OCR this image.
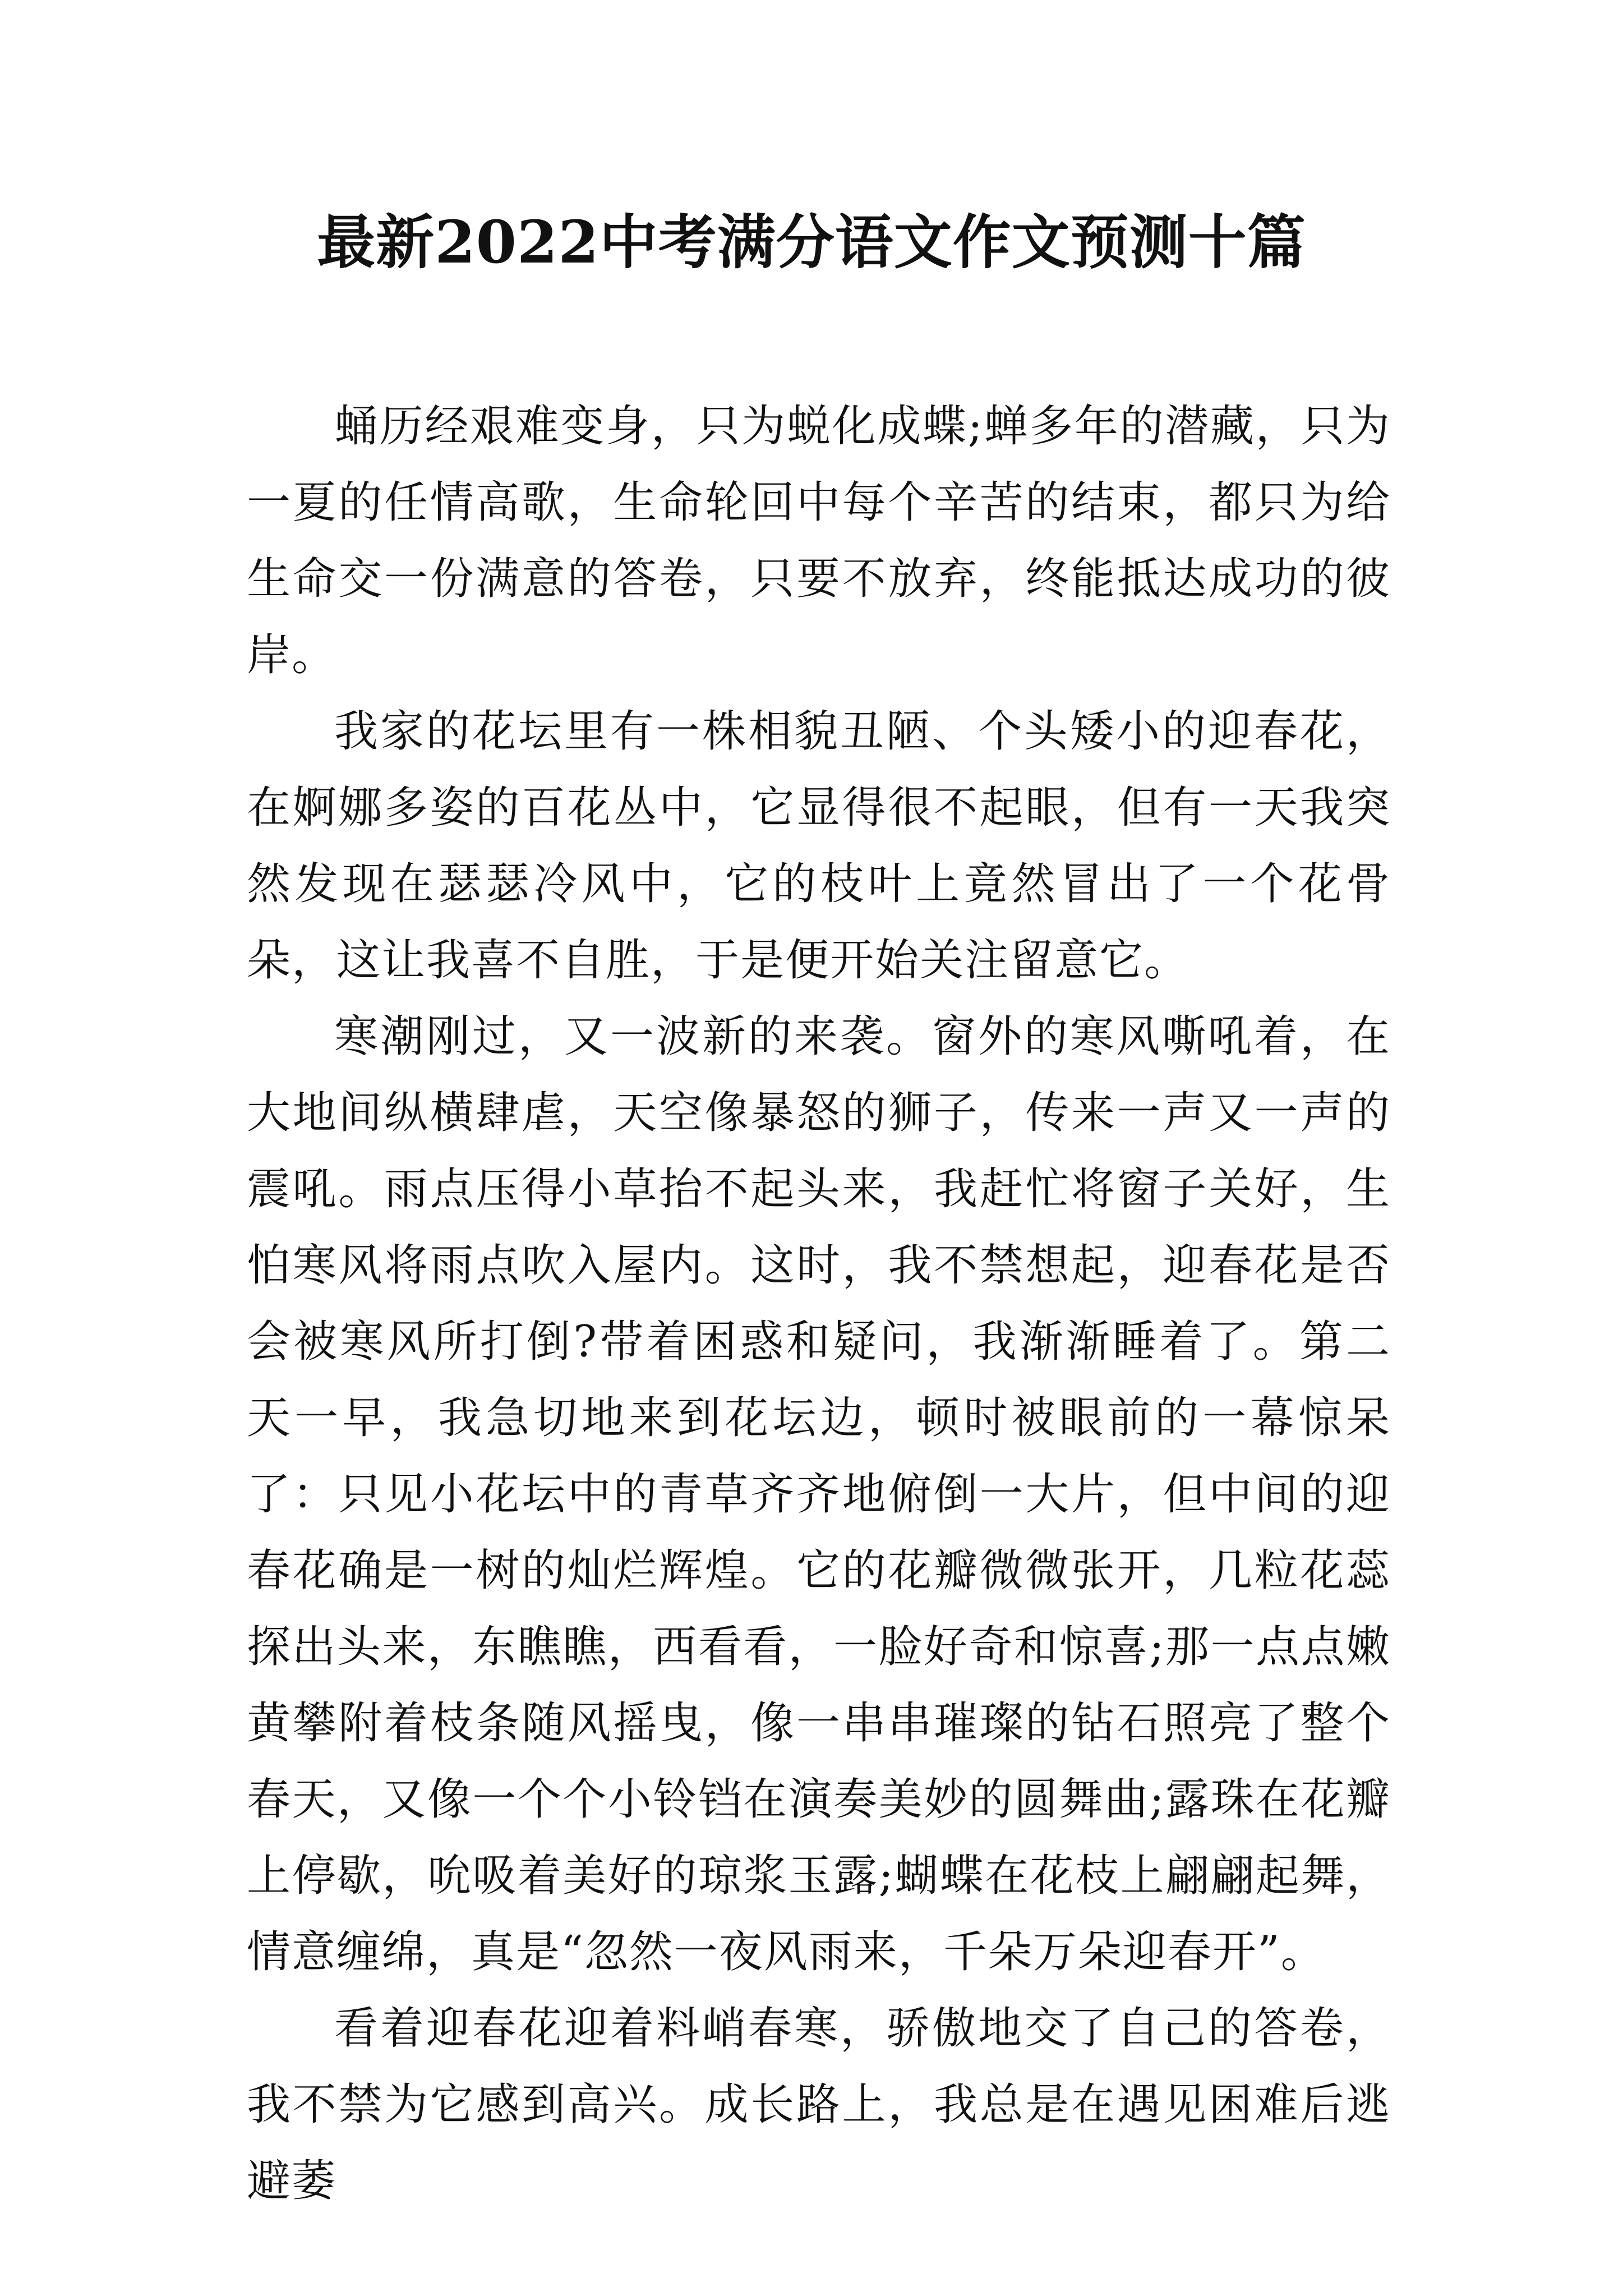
最新2022中考满分语文作文预测十篇

蛹历经艰难变身，只为蜕化成蝶;蝉多年的潜藏，只为一夏的任情高歌，生命轮回中每个辛苦的结束，都只为给生命交一份满意的答卷，只要不放弃，终能抵达成功的彼岸。

我家的花坛里有一株相貌丑陋、个头矮小的迎春花，在婀娜多姿的百花丛中，它显得很不起眼，但有一天我突然发现在瑟瑟冷风中，它的枝叶上竟然冒出了一个花骨朵，这让我喜不自胜，于是便开始关注留意它。

寒潮刚过，又一波新的来袭。窗外的寒风嘶吼着，在大地间纵横肆虐，天空像暴怒的狮子，传来一声又一声的震吼。雨点压得小草抬不起头来，我赶忙将窗子关好，生怕寒风将雨点吹入屋内。这时，我不禁想起，迎春花是否会被寒风所打倒?带着困惑和疑问，我渐渐睡着了。第二天一早，我急切地来到花坛边，顿时被眼前的一幕惊呆了：只见小花坛中的青草齐齐地俯倒一大片，但中间的迎春花确是一树的灿烂辉煌。它的花瓣微微张开，几粒花蕊探出头来，东瞧瞧，西看看，一脸好奇和惊喜;那一点点嫩黄攀附着枝条随风摇曳，像一串串璀璨的钻石照亮了整个春天，又像一个个小铃铛在演奏美妙的圆舞曲;露珠在花瓣上停歇，吮吸着美好的琼浆玉露;蝴蝶在花枝上翩翩起舞，情意缠绵，真是“忽然一夜风雨来，千朵万朵迎春开”。

看着迎春花迎着料峭春寒，骄傲地交了自己的答卷，我不禁为它感到高兴。成长路上，我总是在遇见困难后逃避萎
